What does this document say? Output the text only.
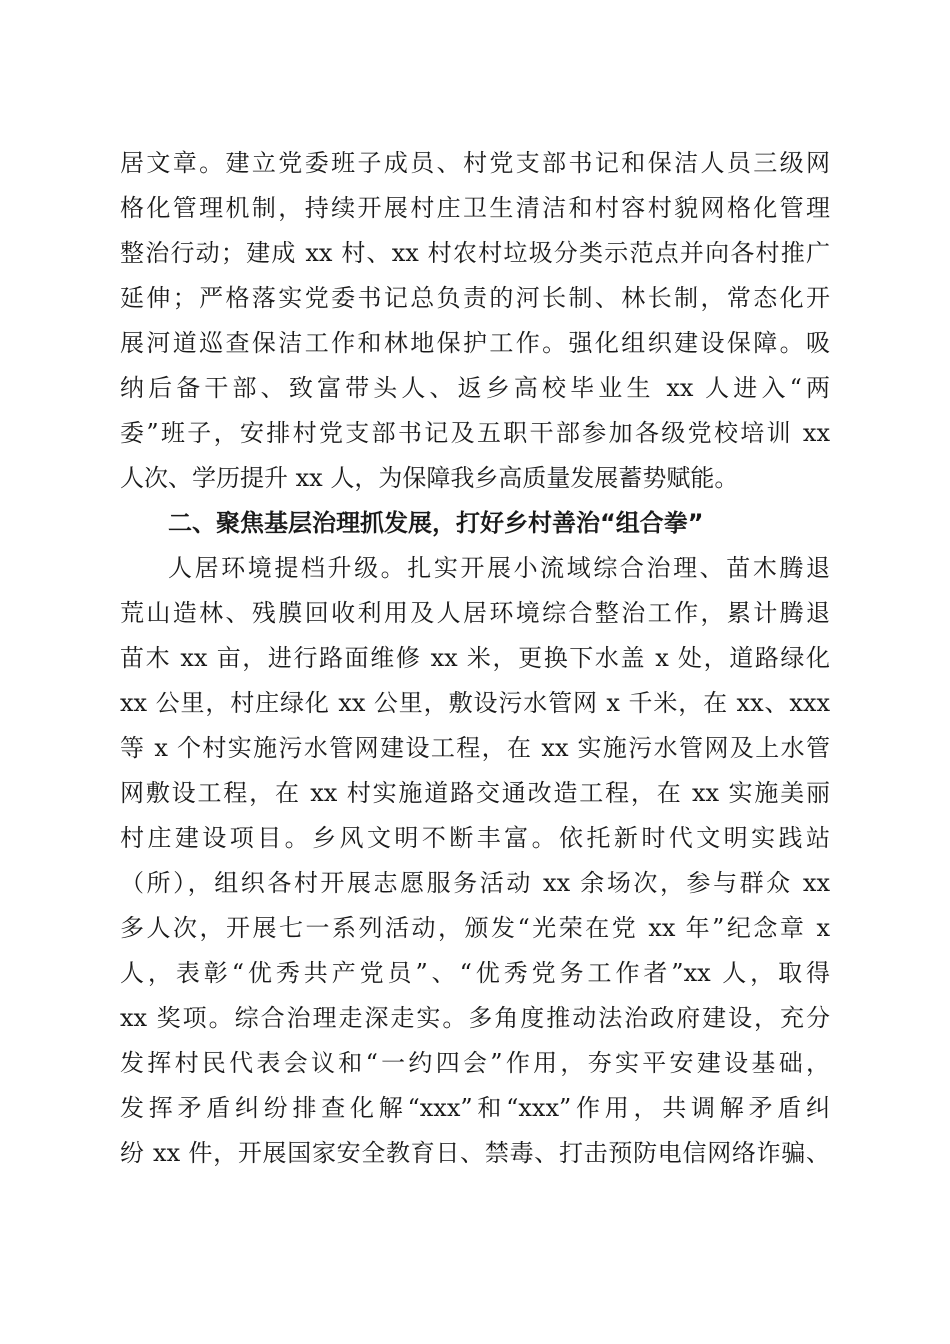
居文章。建立党委班子成员、村党支部书记和保洁人员三级网
格化管理机制，持续开展村庄卫生清洁和村容村貌网格化管理
整治行动；建成 xx 村、xx 村农村垃圾分类示范点并向各村推广
延伸；严格落实党委书记总负责的河长制、林长制，常态化开
展河道巡查保洁工作和林地保护工作。强化组织建设保障。吸
纳后备干部、致富带头人、返乡高校毕业生 xx 人进入“两
委”班子，安排村党支部书记及五职干部参加各级党校培训 xx
人次、学历提升 xx 人，为保障我乡高质量发展蓄势赋能。
二、聚焦基层治理抓发展，打好乡村善治“组合拳”
人居环境提档升级。扎实开展小流域综合治理、苗木腾退
荒山造林、残膜回收利用及人居环境综合整治工作，累计腾退
苗木 xx 亩，进行路面维修 xx 米，更换下水盖 x 处，道路绿化
xx 公里，村庄绿化 xx 公里，敷设污水管网 x 千米，在 xx、xxx
等 x 个村实施污水管网建设工程，在 xx 实施污水管网及上水管
网敷设工程，在 xx 村实施道路交通改造工程，在 xx 实施美丽
村庄建设项目。乡风文明不断丰富。依托新时代文明实践站
（所），组织各村开展志愿服务活动 xx 余场次，参与群众 xx
多人次，开展七一系列活动，颁发“光荣在党 xx 年”纪念章 x
人，表彰“优秀共产党员”、“优秀党务工作者”xx 人，取得
xx 奖项。综合治理走深走实。多角度推动法治政府建设，充分
发挥村民代表会议和“一约四会”作用，夯实平安建设基础，
发挥矛盾纠纷排查化解“xxx”和“xxx”作用，共调解矛盾纠
纷 xx 件，开展国家安全教育日、禁毒、打击预防电信网络诈骗、
